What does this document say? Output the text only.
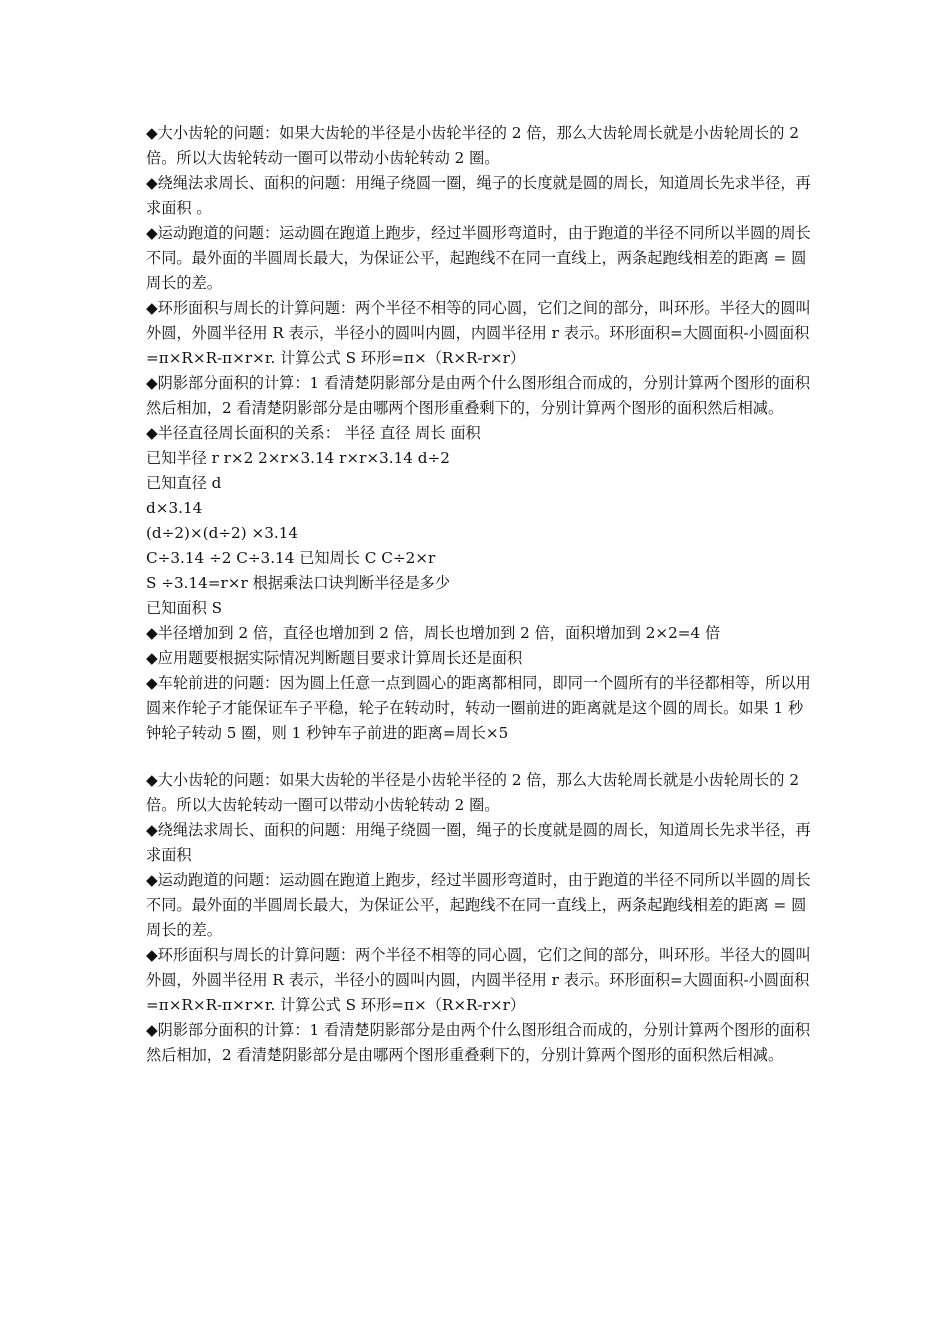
◆大小齿轮的问题：如果大齿轮的半径是小齿轮半径的 2 倍，那么大齿轮周长就是小齿轮周长的 2 倍。所以大齿轮转动一圈可以带动小齿轮转动 2 圈。

◆绕绳法求周长、面积的问题：用绳子绕圆一圈，绳子的长度就是圆的周长，知道周长先求半径，再求面积 。

◆运动跑道的问题：运动圆在跑道上跑步，经过半圆形弯道时，由于跑道的半径不同所以半圆的周长不同。最外面的半圆周长最大，为保证公平，起跑线不在同一直线上，两条起跑线相差的距离 = 圆周长的差。

◆环形面积与周长的计算问题：两个半径不相等的同心圆，它们之间的部分，叫环形。半径大的圆叫外圆，外圆半径用 R 表示，半径小的圆叫内圆，内圆半径用 r 表示。环形面积=大圆面积-小圆面积=π×R×R-π×r×r. 计算公式 S 环形=π×（R×R-r×r）

◆阴影部分面积的计算：1 看清楚阴影部分是由两个什么图形组合而成的，分别计算两个图形的面积然后相加，2 看清楚阴影部分是由哪两个图形重叠剩下的，分别计算两个图形的面积然后相减。

◆半径直径周长面积的关系： 半径 直径 周长 面积

已知半径 r r×2 2×r×3.14 r×r×3.14 d÷2

已知直径 d

d×3.14

(d÷2)×(d÷2) ×3.14

C÷3.14 ÷2 C÷3.14 已知周长 C C÷2×r

S ÷3.14=r×r 根据乘法口诀判断半径是多少

已知面积 S

◆半径增加到 2 倍，直径也增加到 2 倍，周长也增加到 2 倍，面积增加到 2×2=4 倍

◆应用题要根据实际情况判断题目要求计算周长还是面积

◆车轮前进的问题：因为圆上任意一点到圆心的距离都相同，即同一个圆所有的半径都相等，所以用圆来作轮子才能保证车子平稳，轮子在转动时，转动一圈前进的距离就是这个圆的周长。如果 1 秒钟轮子转动 5 圈，则 1 秒钟车子前进的距离=周长×5

◆大小齿轮的问题：如果大齿轮的半径是小齿轮半径的 2 倍，那么大齿轮周长就是小齿轮周长的 2 倍。所以大齿轮转动一圈可以带动小齿轮转动 2 圈。

◆绕绳法求周长、面积的问题：用绳子绕圆一圈，绳子的长度就是圆的周长，知道周长先求半径，再求面积

◆运动跑道的问题：运动圆在跑道上跑步，经过半圆形弯道时，由于跑道的半径不同所以半圆的周长不同。最外面的半圆周长最大，为保证公平，起跑线不在同一直线上，两条起跑线相差的距离 = 圆周长的差。

◆环形面积与周长的计算问题：两个半径不相等的同心圆，它们之间的部分，叫环形。半径大的圆叫外圆，外圆半径用 R 表示，半径小的圆叫内圆，内圆半径用 r 表示。环形面积=大圆面积-小圆面积=π×R×R-π×r×r. 计算公式 S 环形=π×（R×R-r×r）

◆阴影部分面积的计算：1 看清楚阴影部分是由两个什么图形组合而成的，分别计算两个图形的面积然后相加，2 看清楚阴影部分是由哪两个图形重叠剩下的，分别计算两个图形的面积然后相减。
